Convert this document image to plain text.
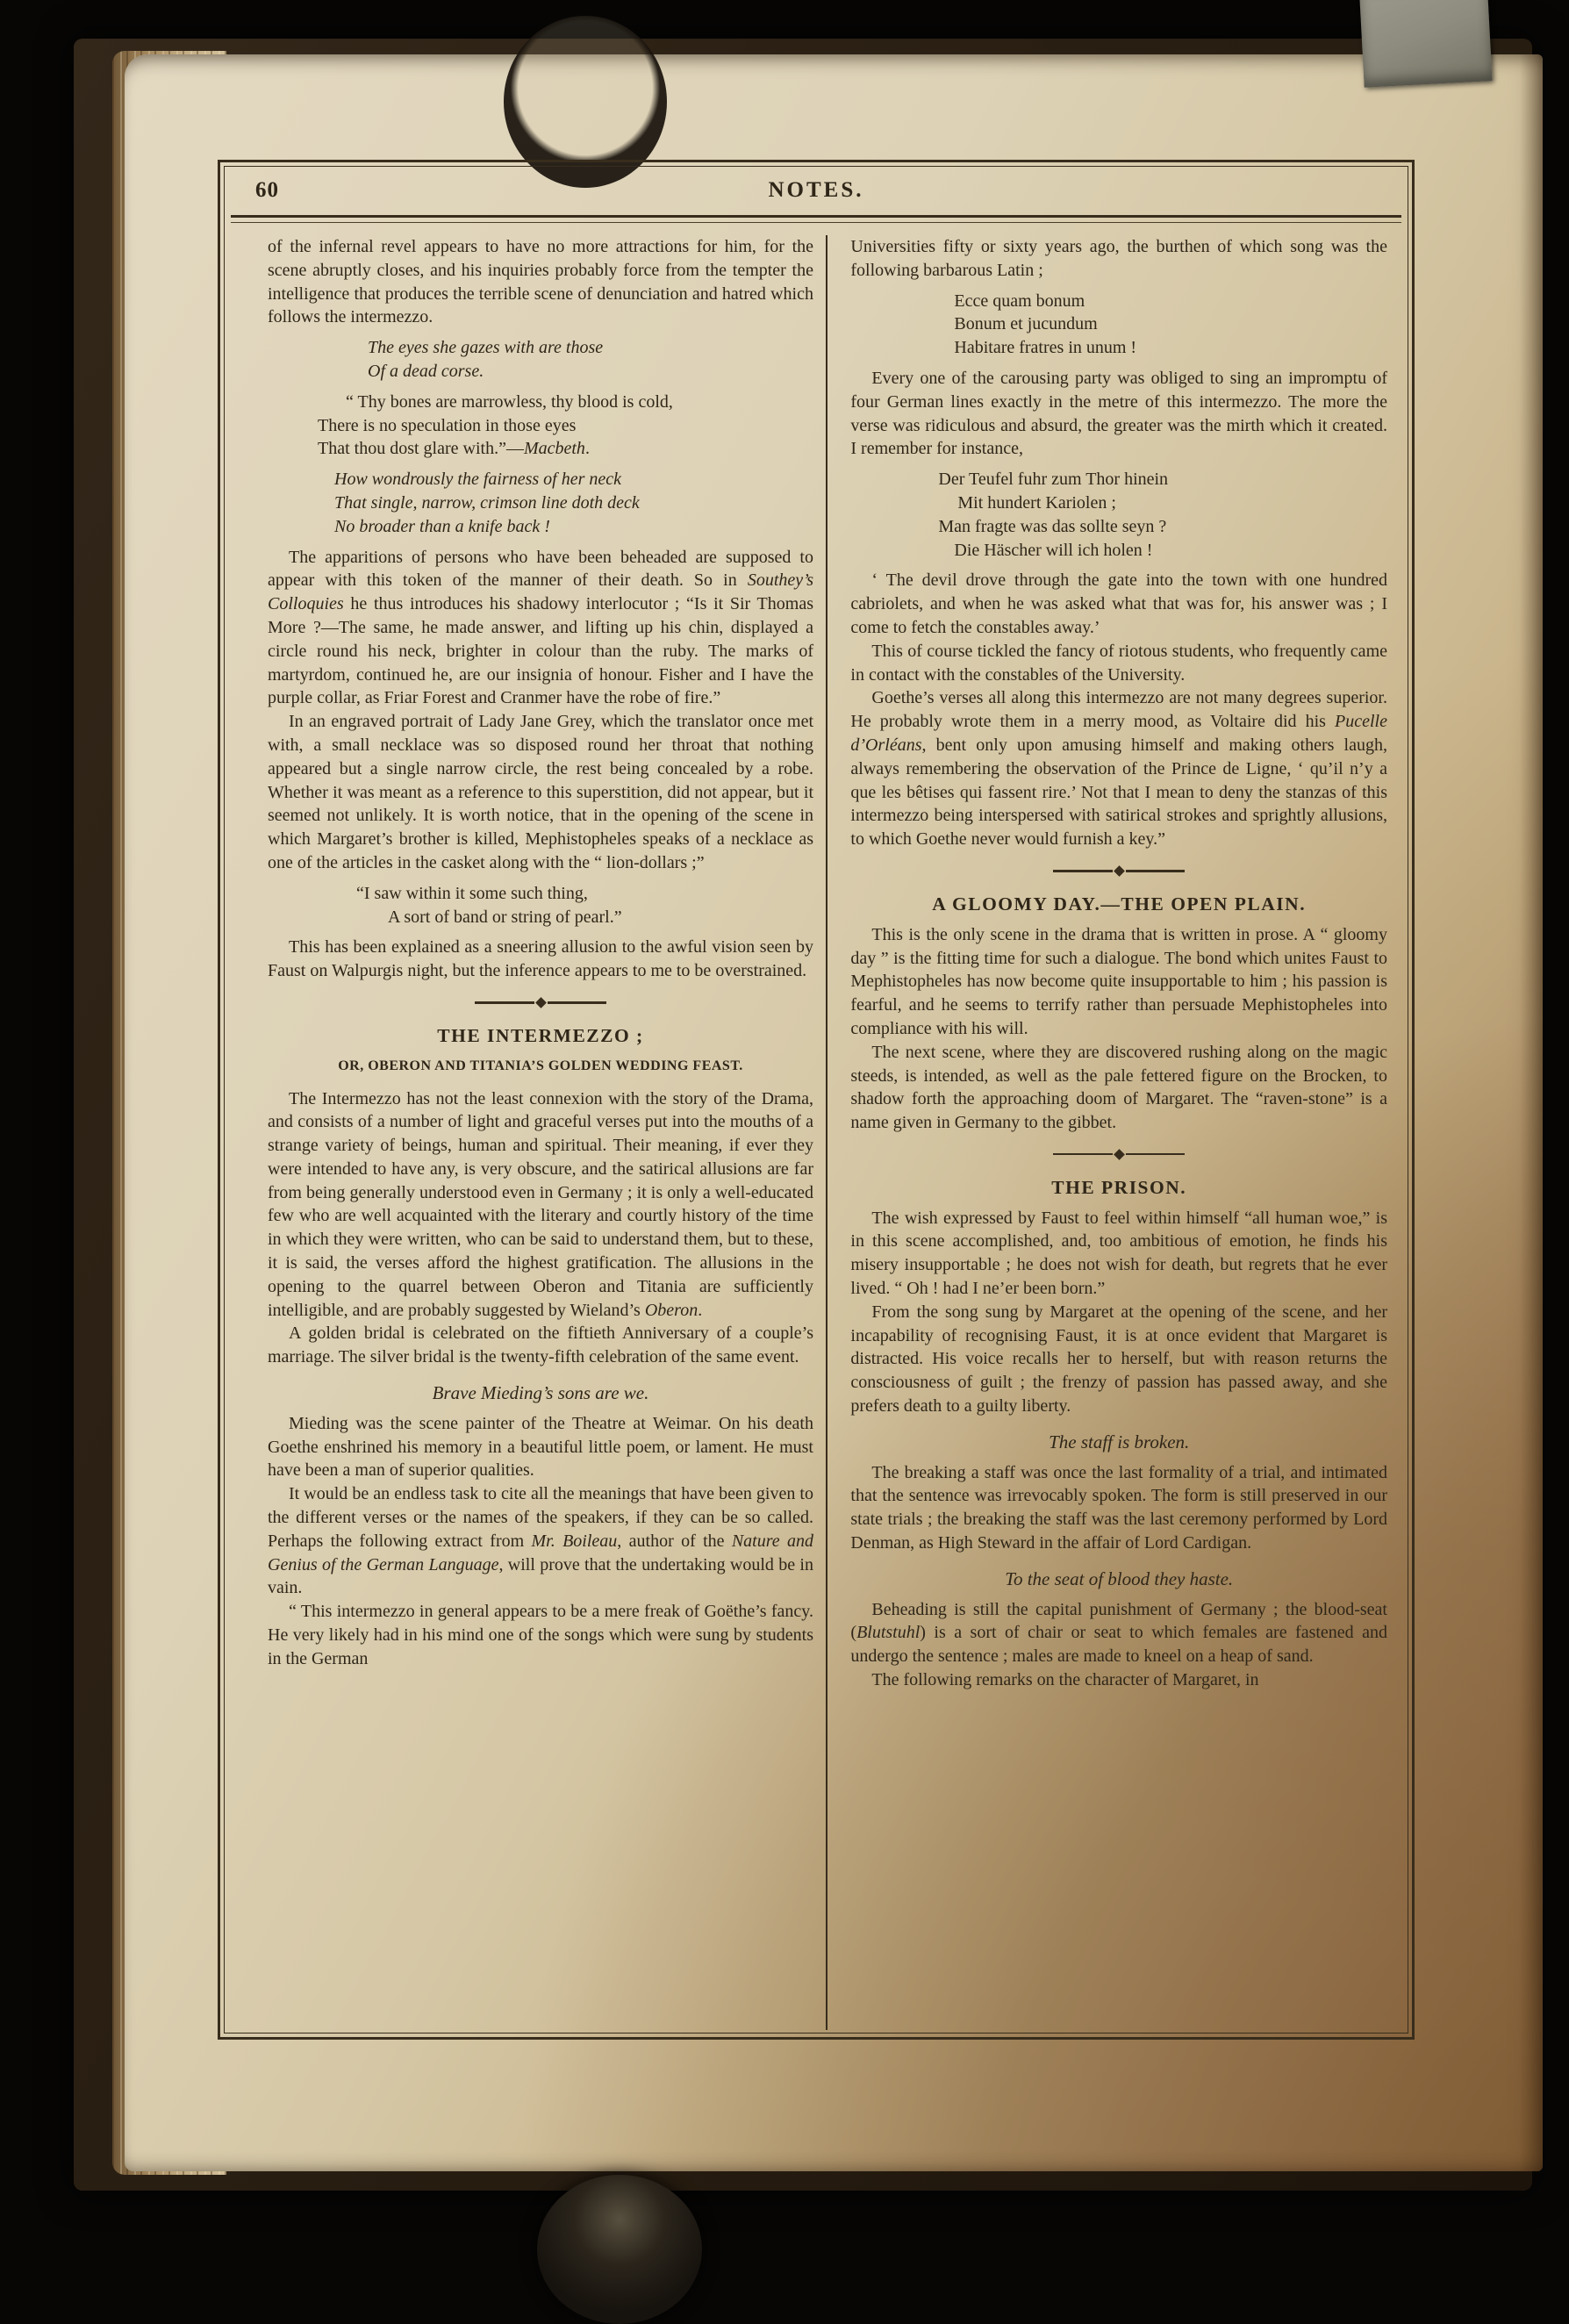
60	NOTES.

of the infernal revel appears to have no more attractions for him, for the scene abruptly closes, and his inquiries probably force from the tempter the intelligence that produces the terrible scene of denunciation and hatred which follows the intermezzo.

The eyes she gazes with are those
Of a dead corse.
“ Thy bones are marrowless, thy blood is cold,
There is no speculation in those eyes
That thou dost glare with.”—Macbeth.
How wondrously the fairness of her neck
That single, narrow, crimson line doth deck
No broader than a knife back !

The apparitions of persons who have been beheaded are supposed to appear with this token of the manner of their death. So in Southey’s Colloquies he thus introduces his shadowy interlocutor ; “Is it Sir Thomas More ?—The same, he made answer, and lifting up his chin, displayed a circle round his neck, brighter in colour than the ruby. The marks of martyrdom, continued he, are our insignia of honour. Fisher and I have the purple collar, as Friar Forest and Cranmer have the robe of fire.”

In an engraved portrait of Lady Jane Grey, which the translator once met with, a small necklace was so disposed round her throat that nothing appeared but a single narrow circle, the rest being concealed by a robe. Whether it was meant as a reference to this superstition, did not appear, but it seemed not unlikely. It is worth notice, that in the opening of the scene in which Margaret’s brother is killed, Mephistopheles speaks of a necklace as one of the articles in the casket along with the “ lion-dollars ;”

“I saw within it some such thing,
A sort of band or string of pearl.”

This has been explained as a sneering allusion to the awful vision seen by Faust on Walpurgis night, but the inference appears to me to be overstrained.

THE INTERMEZZO ;
OR, OBERON AND TITANIA’S GOLDEN WEDDING FEAST.

The Intermezzo has not the least connexion with the story of the Drama, and consists of a number of light and graceful verses put into the mouths of a strange variety of beings, human and spiritual. Their meaning, if ever they were intended to have any, is very obscure, and the satirical allusions are far from being generally understood even in Germany ; it is only a well-educated few who are well acquainted with the literary and courtly history of the time in which they were written, who can be said to understand them, but to these, it is said, the verses afford the highest gratification. The allusions in the opening to the quarrel between Oberon and Titania are sufficiently intelligible, and are probably suggested by Wieland’s Oberon.

A golden bridal is celebrated on the fiftieth Anniversary of a couple’s marriage. The silver bridal is the twenty-fifth celebration of the same event.

Brave Mieding’s sons are we.

Mieding was the scene painter of the Theatre at Weimar. On his death Goethe enshrined his memory in a beautiful little poem, or lament. He must have been a man of superior qualities.

It would be an endless task to cite all the meanings that have been given to the different verses or the names of the speakers, if they can be so called. Perhaps the following extract from Mr. Boileau, author of the Nature and Genius of the German Language, will prove that the undertaking would be in vain.

“ This intermezzo in general appears to be a mere freak of Goëthe’s fancy. He very likely had in his mind one of the songs which were sung by students in the German

Universities fifty or sixty years ago, the burthen of which song was the following barbarous Latin ;

Ecce quam bonum
Bonum et jucundum
Habitare fratres in unum !

Every one of the carousing party was obliged to sing an impromptu of four German lines exactly in the metre of this intermezzo. The more the verse was ridiculous and absurd, the greater was the mirth which it created. I remember for instance,

Der Teufel fuhr zum Thor hinein
Mit hundert Kariolen ;
Man fragte was das sollte seyn ?
Die Häscher will ich holen !

‘ The devil drove through the gate into the town with one hundred cabriolets, and when he was asked what that was for, his answer was ; I come to fetch the constables away.’

This of course tickled the fancy of riotous students, who frequently came in contact with the constables of the University.

Goethe’s verses all along this intermezzo are not many degrees superior. He probably wrote them in a merry mood, as Voltaire did his Pucelle d’Orléans, bent only upon amusing himself and making others laugh, always remembering the observation of the Prince de Ligne, ‘ qu’il n’y a que les bêtises qui fassent rire.’ Not that I mean to deny the stanzas of this intermezzo being interspersed with satirical strokes and sprightly allusions, to which Goethe never would furnish a key.”

A GLOOMY DAY.—THE OPEN PLAIN.

This is the only scene in the drama that is written in prose. A “ gloomy day ” is the fitting time for such a dialogue. The bond which unites Faust to Mephistopheles has now become quite insupportable to him ; his passion is fearful, and he seems to terrify rather than persuade Mephistopheles into compliance with his will.

The next scene, where they are discovered rushing along on the magic steeds, is intended, as well as the pale fettered figure on the Brocken, to shadow forth the approaching doom of Margaret. The “raven-stone” is a name given in Germany to the gibbet.

THE PRISON.

The wish expressed by Faust to feel within himself “all human woe,” is in this scene accomplished, and, too ambitious of emotion, he finds his misery insupportable ; he does not wish for death, but regrets that he ever lived. “ Oh ! had I ne’er been born.”

From the song sung by Margaret at the opening of the scene, and her incapability of recognising Faust, it is at once evident that Margaret is distracted. His voice recalls her to herself, but with reason returns the consciousness of guilt ; the frenzy of passion has passed away, and she prefers death to a guilty liberty.

The staff is broken.

The breaking a staff was once the last formality of a trial, and intimated that the sentence was irrevocably spoken. The form is still preserved in our state trials ; the breaking the staff was the last ceremony performed by Lord Denman, as High Steward in the affair of Lord Cardigan.

To the seat of blood they haste.

Beheading is still the capital punishment of Germany ; the blood-seat (Blutstuhl) is a sort of chair or seat to which females are fastened and undergo the sentence ; males are made to kneel on a heap of sand.

The following remarks on the character of Margaret, in
